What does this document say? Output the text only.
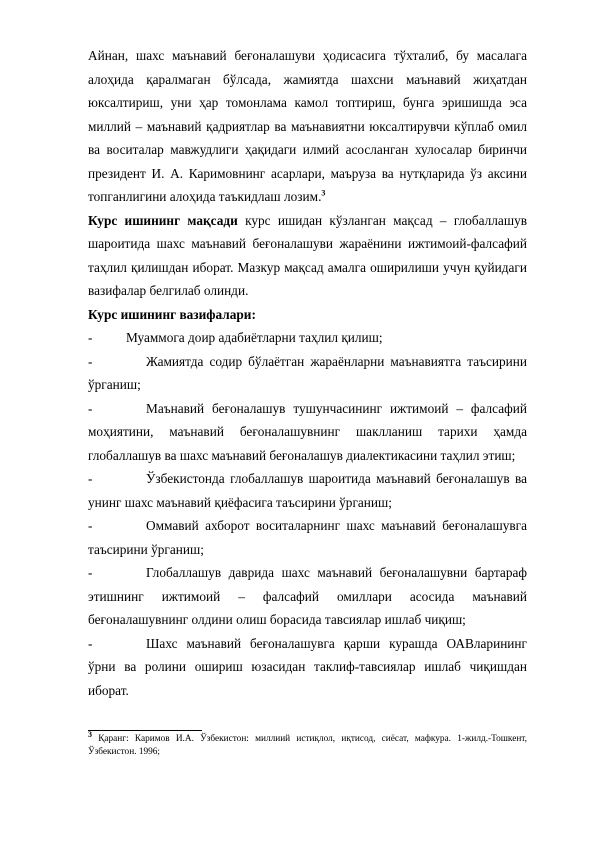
Айнан, шахс маънавий беғоналашуви ҳодисасига тўхталиб, бу масалага алоҳида қаралмаган бўлсада, жамиятда шахсни маънавий жиҳатдан юксалтириш, уни ҳар томонлама камол топтириш, бунга эришишда эса миллий – маънавий қадриятлар ва маънавиятни юксалтирувчи кўплаб омил ва воситалар мавжудлиги ҳақидаги илмий асосланган хулосалар биринчи президент И. А. Каримовнинг асарлари, маъруза ва нутқларида ўз аксини топганлигини алоҳида таъкидлаш лозим.$^3$

Курс ишининг мақсади курс ишидан кўзланган мақсад – глобаллашув шароитида шахс маънавий беғоналашуви жараёнини ижтимоий-фалсафий таҳлил қилишдан иборат. Мазкур мақсад амалга оширилиши учун қуйидаги вазифалар белгилаб олинди.

Курс ишининг вазифалари:

-	Муаммога доир адабиётларни таҳлил қилиш;

-	Жамиятда содир бўлаётган жараёнларни маънавиятга таъсирини ўрганиш;

-	Маънавий беғоналашув тушунчасининг ижтимоий – фалсафий моҳиятини, маънавий беғоналашувнинг шаклланиш тарихи ҳамда глобаллашув ва шахс маънавий беғоналашув диалектикасини таҳлил этиш;

-	Ўзбекистонда глобаллашув шароитида маънавий беғоналашув ва унинг шахс маънавий қиёфасига таъсирини ўрганиш;

-	Оммавий ахборот воситаларнинг шахс маънавий беғоналашувга таъсирини ўрганиш;

-	Глобаллашув даврида шахс маънавий беғоналашувни бартараф этишнинг ижтимоий – фалсафий омиллари асосида маънавий беғоналашувнинг олдини олиш борасида тавсиялар ишлаб чиқиш;

-	Шахс маънавий беғоналашувга қарши курашда ОАВларининг ўрни ва ролини ошириш юзасидан таклиф-тавсиялар ишлаб чиқишдан иборат.

$^3$ Қаранг: Каримов И.А. Ўзбекистон: миллиий истиқлол, иқтисод, сиёсат, мафкура. 1-жилд.-Тошкент, Ўзбекистон. 1996;
